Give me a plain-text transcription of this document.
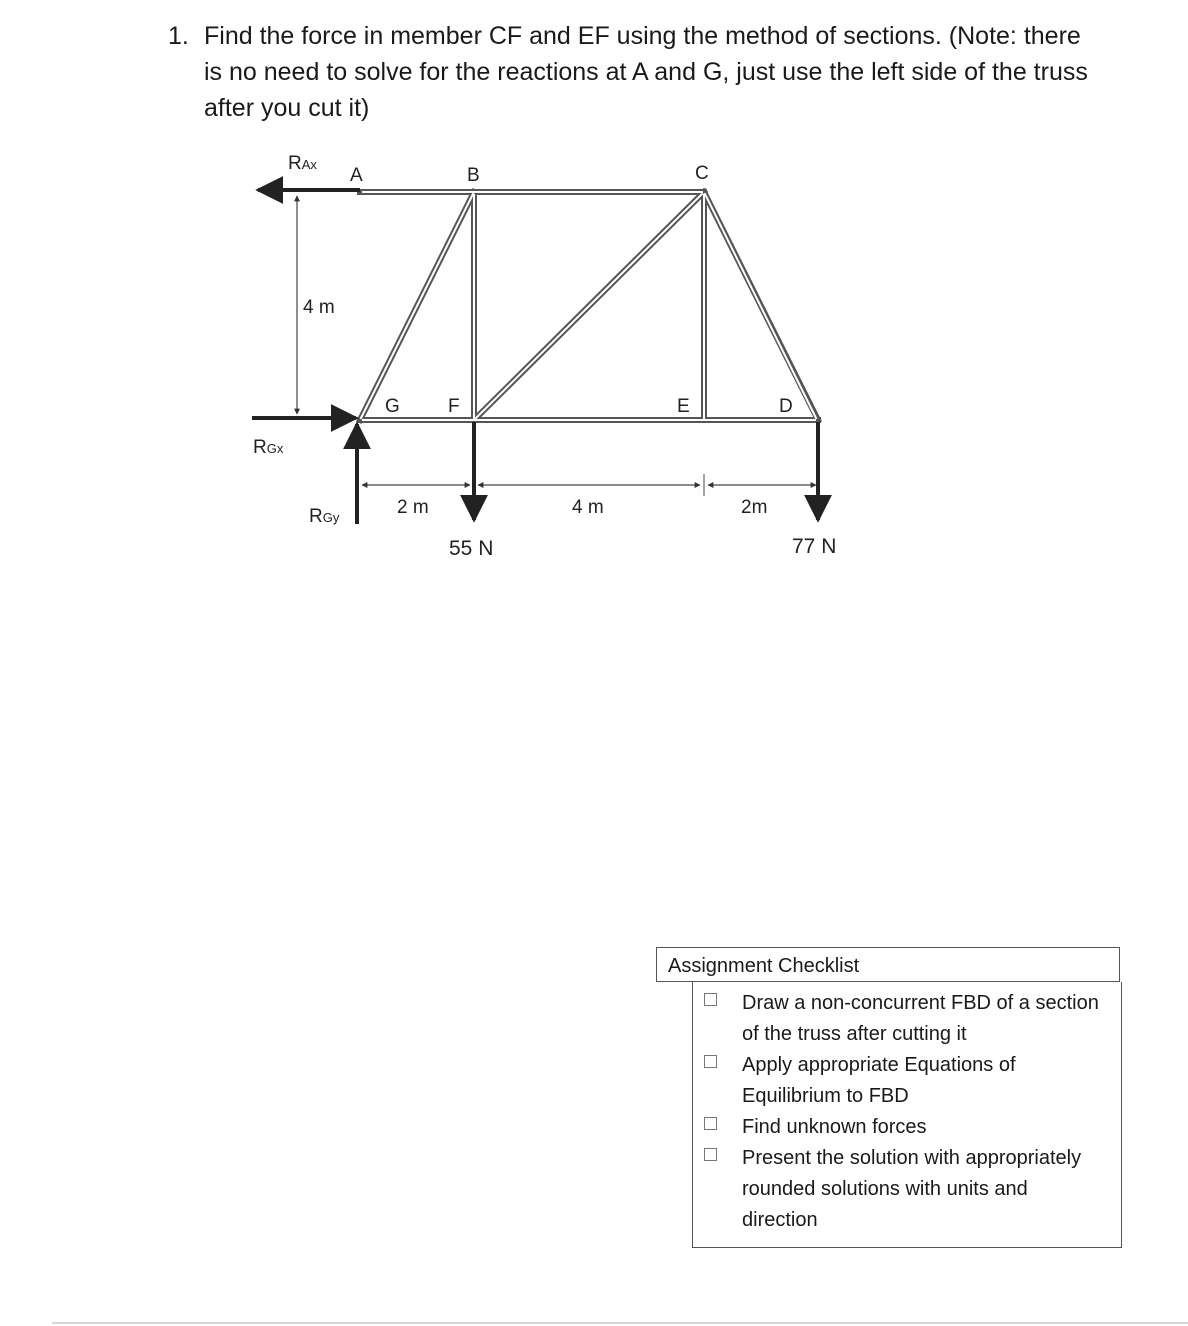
1. Find the force in member CF and EF using the method of sections. (Note: there is no need to solve for the reactions at A and G, just use the left side of the truss after you cut it)
A	B	C
G	F	E	D
RAx
RGx
RGy
4 m
2 m	4 m	2m
55 N	77 N
Assignment Checklist
Draw a non-concurrent FBD of a section of the truss after cutting it
Apply appropriate Equations of Equilibrium to FBD
Find unknown forces
Present the solution with appropriately rounded solutions with units and direction
